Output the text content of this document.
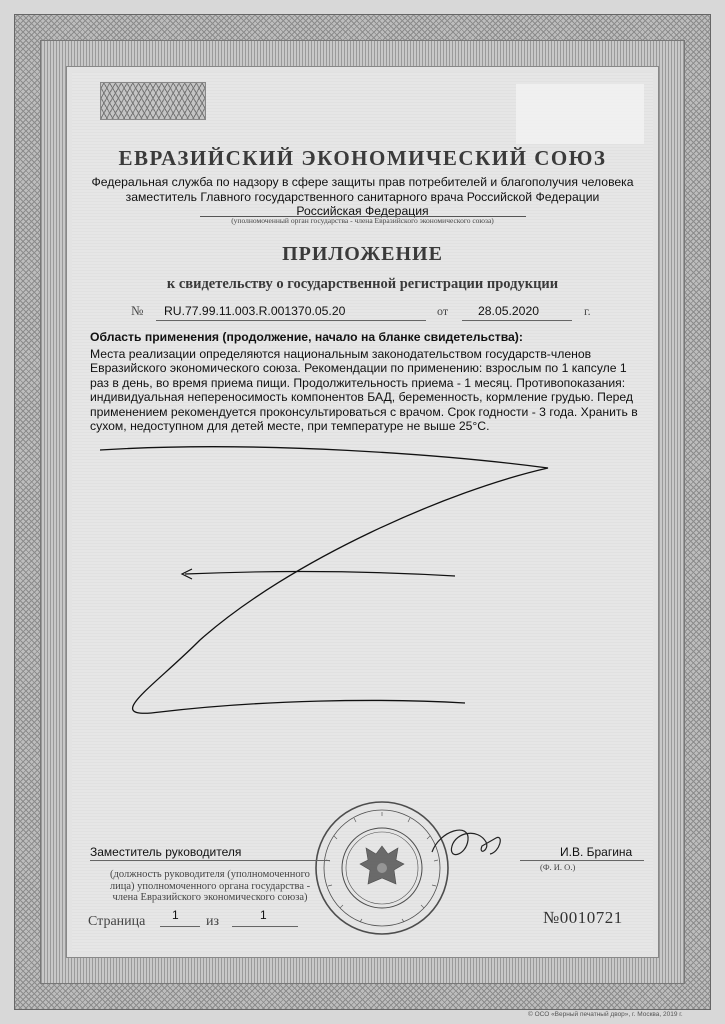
ЕВРАЗИЙСКИЙ ЭКОНОМИЧЕСКИЙ СОЮЗ
Федеральная служба по надзору в сфере защиты прав потребителей и благополучия человека
заместитель Главного государственного санитарного врача Российской Федерации
Российская Федерация
(уполномоченный орган государства - члена Евразийского экономического союза)
ПРИЛОЖЕНИЕ
к свидетельству о государственной регистрации продукции
№ RU.77.99.11.003.R.001370.05.20	от 28.05.2020	г.
Область применения (продолжение, начало на бланке свидетельства):
Места реализации определяются национальным законодательством государств-членов Евразийского экономического союза. Рекомендации по применению: взрослым по 1 капсуле 1 раз в день, во время приема пищи. Продолжительность приема - 1 месяц. Противопоказания: индивидуальная непереносимость компонентов БАД, беременность, кормление грудью. Перед применением рекомендуется проконсультироваться с врачом. Срок годности - 3 года. Хранить в сухом, недоступном для детей месте, при температуре не выше 25°С.
Заместитель руководителя	И.В. Брагина
(Ф. И. О.)
(должность руководителя (уполномоченного
лица) уполномоченного органа государства -
члена Евразийского экономического союза)
Страница 1 из	1	№0010721
© ОСО «Верный печатный двор», г. Москва, 2019 г.
